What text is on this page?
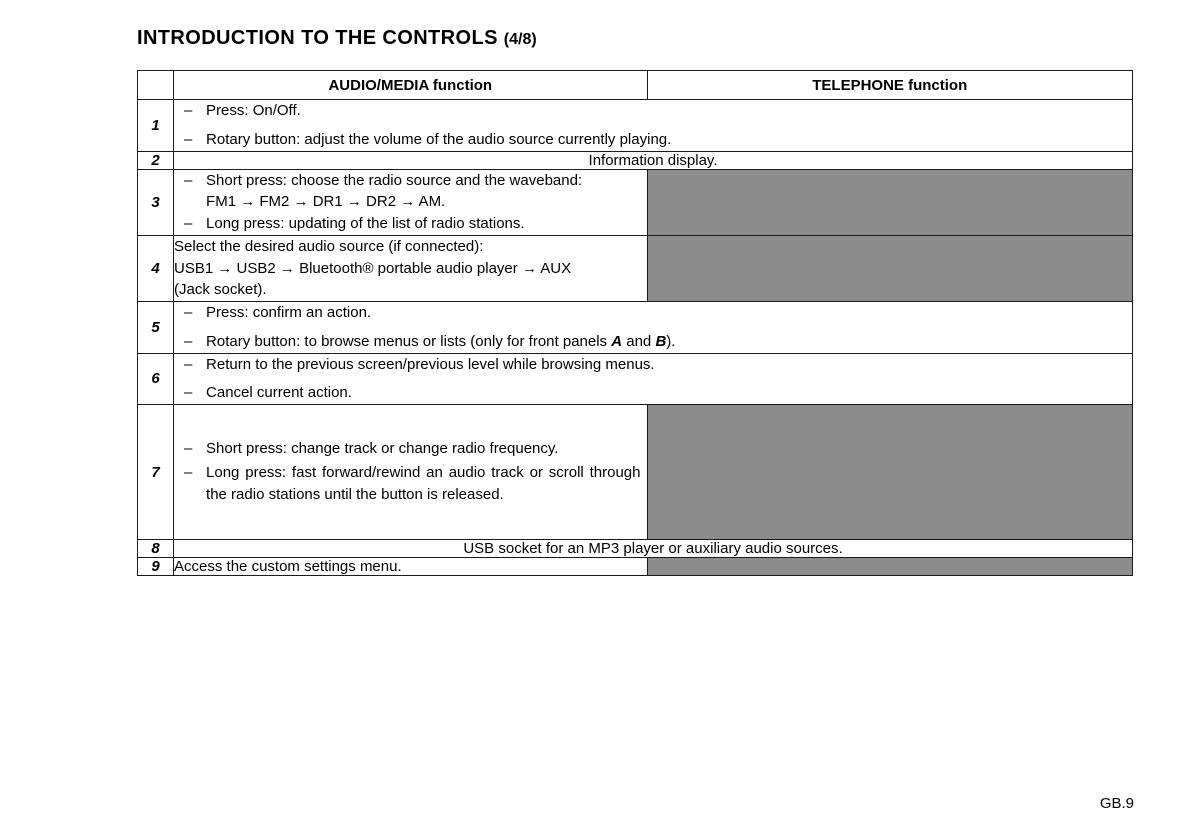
INTRODUCTION TO THE CONTROLS (4/8)
	AUDIO/MEDIA function	TELEPHONE function
1	
– Press: On/Off.
– Rotary button: adjust the volume of the audio source currently playing.

2	Information display.	
3	
– Short press: choose the radio source and the waveband:
FM1 → FM2 → DR1 → DR2 → AM.
– Long press: updating of the list of radio stations.

4	Select the desired audio source (if connected):
USB1 → USB2 → Bluetooth® portable audio player → AUX
(Jack socket).	

5	
– Press: confirm an action.
– Rotary button: to browse menus or lists (only for front panels A and B).

6	
– Return to the previous screen/previous level while browsing menus.
– Cancel current action.

7	
– Short press: change track or change radio frequency.
– Long press: fast forward/rewind an audio track or scroll through the radio stations until the button is released.

8	USB socket for an MP3 player or auxiliary audio sources.	
9	Access the custom settings menu.	
GB.9
